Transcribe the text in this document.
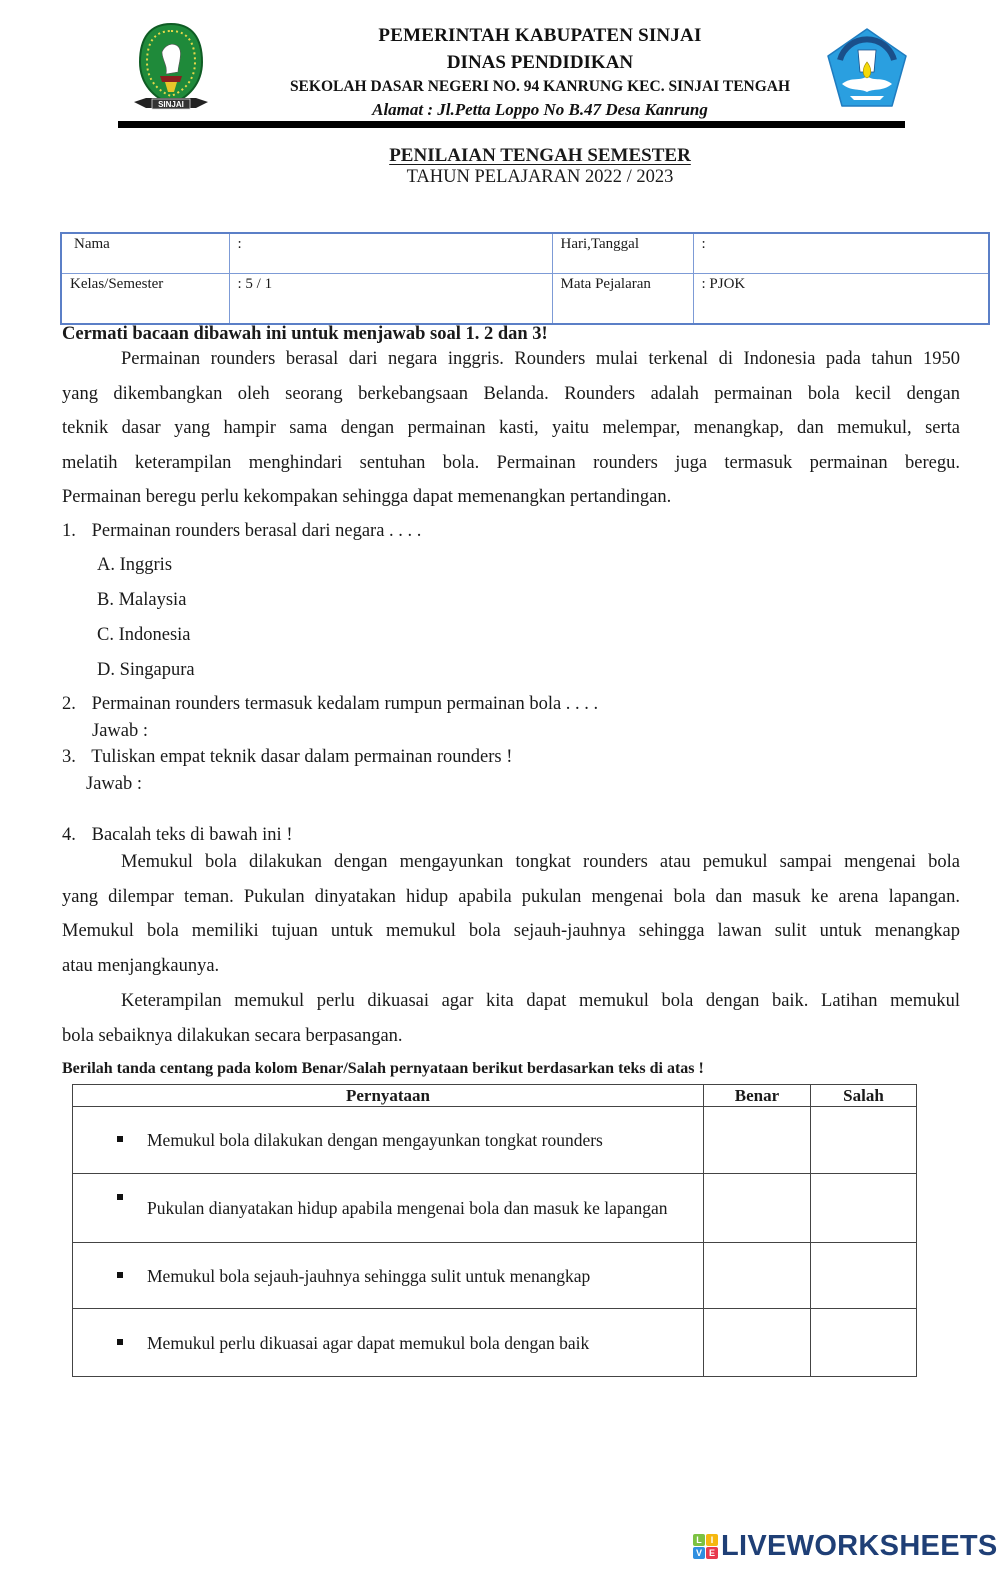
SINJAI
PEMERINTAH KABUPATEN SINJAI
DINAS PENDIDIKAN
SEKOLAH DASAR NEGERI NO. 94 KANRUNG KEC. SINJAI TENGAH
Alamat : Jl.Petta Loppo No B.47 Desa Kanrung
PENILAIAN TENGAH SEMESTER
TAHUN PELAJARAN 2022 / 2023
Nama	:	Hari,Tanggal	:
Kelas/Semester	: 5 / 1	Mata Pejalaran	: PJOK
Cermati bacaan dibawah ini untuk menjawab soal 1. 2 dan 3!
Permainan rounders berasal dari negara inggris. Rounders mulai terkenal di Indonesia pada tahun 1950
yang dikembangkan oleh seorang berkebangsaan Belanda. Rounders adalah permainan bola kecil dengan
teknik dasar yang hampir sama dengan permainan kasti, yaitu melempar, menangkap, dan memukul, serta
melatih keterampilan menghindari sentuhan bola. Permainan rounders juga termasuk permainan beregu.
Permainan beregu perlu kekompakan sehingga dapat memenangkan pertandingan.
1. Permainan rounders berasal dari negara . . . .
A. Inggris
B. Malaysia
C. Indonesia
D. Singapura
2. Permainan rounders termasuk kedalam rumpun permainan bola . . . .
Jawab :
3. Tuliskan empat teknik dasar dalam permainan rounders !
Jawab :
4. Bacalah teks di bawah ini !
Memukul bola dilakukan dengan mengayunkan tongkat rounders atau pemukul sampai mengenai bola
yang dilempar teman. Pukulan dinyatakan hidup apabila pukulan mengenai bola dan masuk ke arena lapangan.
Memukul bola memiliki tujuan untuk memukul bola sejauh-jauhnya sehingga lawan sulit untuk menangkap
atau menjangkaunya.
Keterampilan memukul perlu dikuasai agar kita dapat memukul bola dengan baik. Latihan memukul
bola sebaiknya dilakukan secara berpasangan.
Berilah tanda centang pada kolom Benar/Salah pernyataan berikut berdasarkan teks di atas !
Pernyataan	Benar	Salah

Memukul bola dilakukan dengan mengayunkan tongkat rounders		

Pukulan dianyatakan hidup apabila mengenai bola dan masuk ke lapangan		

Memukul bola sejauh-jauhnya sehingga sulit untuk menangkap		

Memukul perlu dikuasai agar dapat memukul bola dengan baik		

L I
V E LIVEWORKSHEETS
